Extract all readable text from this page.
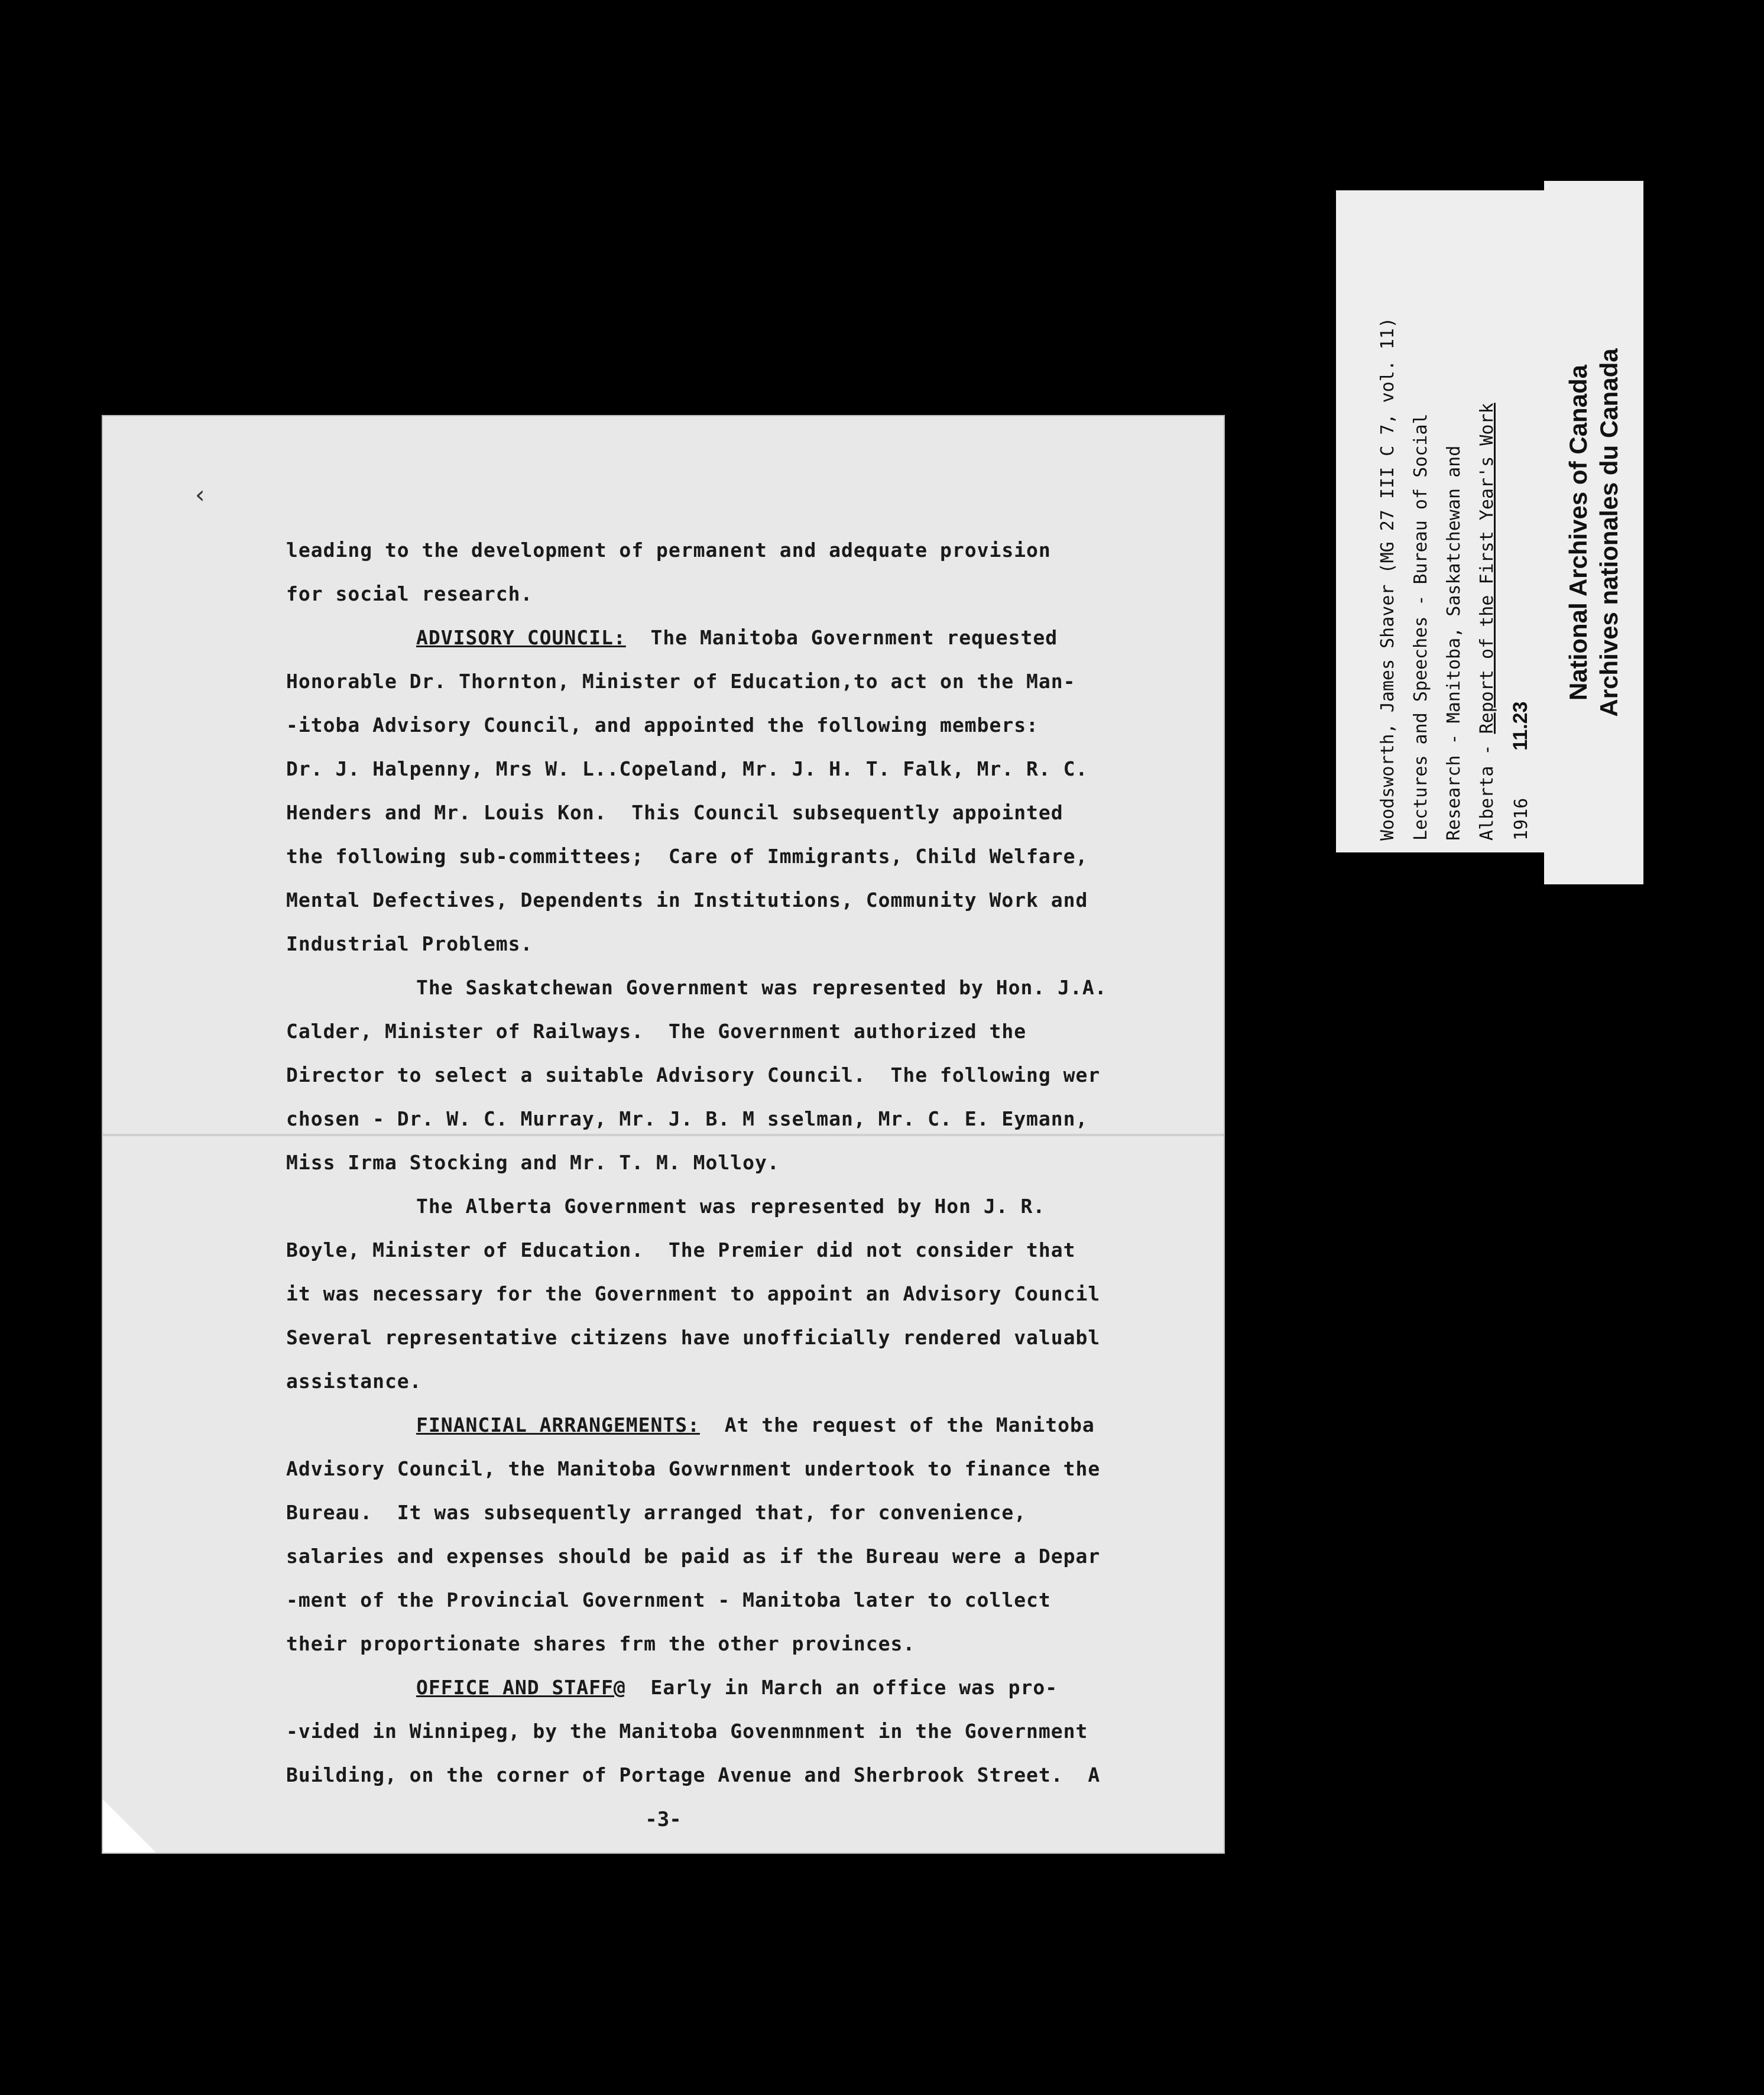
‹
leading to the development of permanent and adequate provision
for social research.
ADVISORY COUNCIL:  The Manitoba Government requested
Honorable Dr. Thornton, Minister of Education,to act on the Man-
-itoba Advisory Council, and appointed the following members:
Dr. J. Halpenny, Mrs W. L..Copeland, Mr. J. H. T. Falk, Mr. R. C.
Henders and Mr. Louis Kon.  This Council subsequently appointed
the following sub-committees;  Care of Immigrants, Child Welfare,
Mental Defectives, Dependents in Institutions, Community Work and
Industrial Problems.
The Saskatchewan Government was represented by Hon. J.A.
Calder, Minister of Railways.  The Government authorized the
Director to select a suitable Advisory Council.  The following wer
chosen - Dr. W. C. Murray, Mr. J. B. M sselman, Mr. C. E. Eymann,
Miss Irma Stocking and Mr. T. M. Molloy.
The Alberta Government was represented by Hon J. R.
Boyle, Minister of Education.  The Premier did not consider that
it was necessary for the Government to appoint an Advisory Council
Several representative citizens have unofficially rendered valuabl
assistance.
FINANCIAL ARRANGEMENTS:  At the request of the Manitoba
Advisory Council, the Manitoba Govwrnment undertook to finance the
Bureau.  It was subsequently arranged that, for convenience,
salaries and expenses should be paid as if the Bureau were a Depar
-ment of the Provincial Government - Manitoba later to collect
their proportionate shares frm the other provinces.
OFFICE AND STAFF@  Early in March an office was pro-
-vided in Winnipeg, by the Manitoba Govenmnment in the Government
Building, on the corner of Portage Avenue and Sherbrook Street.  A
-3-
Woodsworth, James Shaver (MG 27 III C 7, vol. 11) Lectures and Speeches - Bureau of Social Research - Manitoba, Saskatchewan and Alberta - Report of the First Year's Work
191611.23
National Archives of Canada Archives nationales du Canada
